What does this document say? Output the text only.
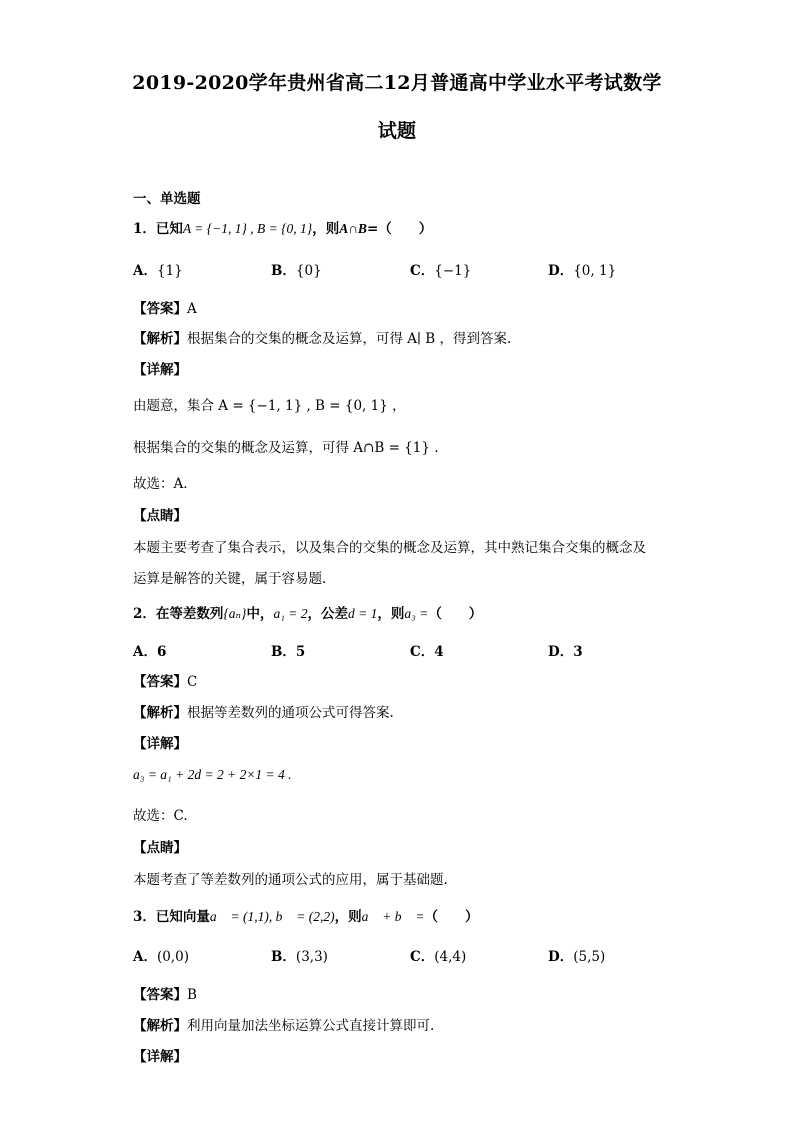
2019-2020学年贵州省高二12月普通高中学业水平考试数学
试题
一、单选题
1．已知A = {−1, 1} , B = {0, 1}，则A∩B=（　　）
A．{1}	B．{0}	C．{−1}	D．{0, 1}
【答案】A
【解析】根据集合的交集的概念及运算，可得 A∣ B ，得到答案.
【详解】
由题意，集合 A = {−1, 1} , B = {0, 1} ，
根据集合的交集的概念及运算，可得 A∩B = {1} .
故选：A.
【点睛】
本题主要考查了集合表示，以及集合的交集的概念及运算，其中熟记集合交集的概念及
运算是解答的关键，属于容易题.
2．在等差数列{aₙ}中，a₁ = 2，公差d = 1，则a₃ =（　　）
A．6	B．5	C．4	D．3
【答案】C
【解析】根据等差数列的通项公式可得答案.
【详解】
a₃ = a₁ + 2d = 2 + 2×1 = 4 .
故选：C.
【点睛】
本题考查了等差数列的通项公式的应用，属于基础题.
3．已知向量a⃗ = (1,1), b⃗ = (2,2)，则a⃗ + b⃗ =（　　）
A．(0,0)	B．(3,3)	C．(4,4)	D．(5,5)
【答案】B
【解析】利用向量加法坐标运算公式直接计算即可.
【详解】
